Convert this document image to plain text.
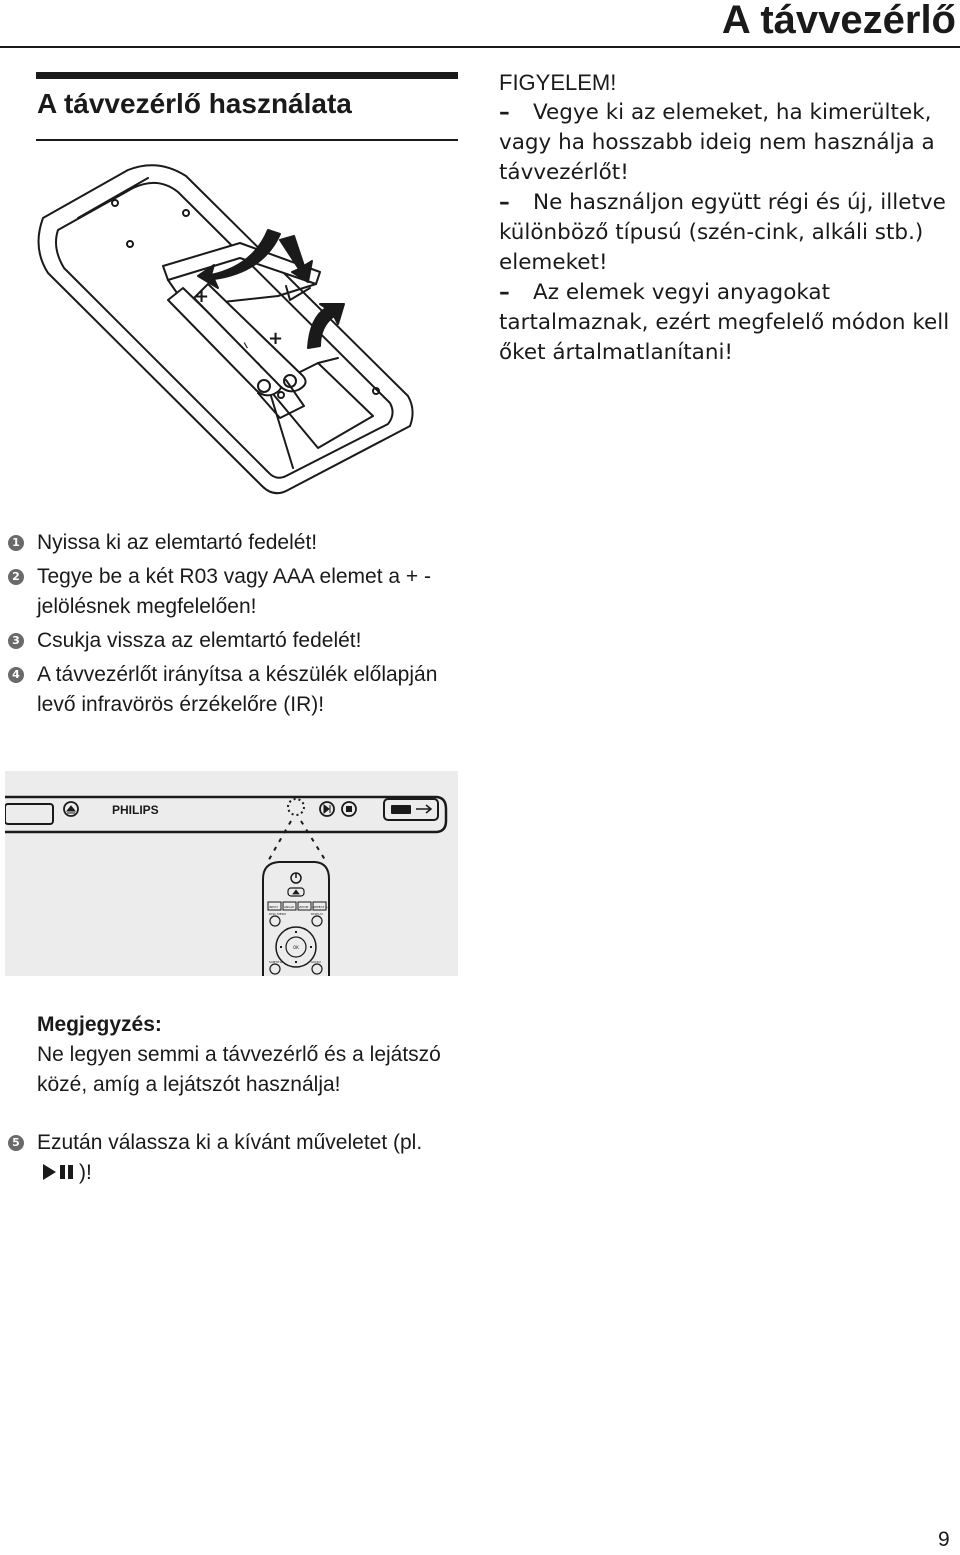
A távvezérlő
A távvezérlő használata
+
+
–
–

FIGYELEM!

– Vegye ki az elemeket, ha kimerültek, vagy ha hosszabb ideig nem használja a távvezérlőt!

– Ne használjon együtt régi és új, illetve különböző típusú (szén-cink, alkáli stb.) elemeket!

– Az elemek vegyi anyagokat tartalmaznak, ezért megfelelő módon kell őket ártalmatlanítani!

1 Nyissa ki az elemtartó fedelét!
2 Tegye be a két R03 vagy AAA elemet a + - jelölésnek megfelelően!
3 Csukja vissza az elemtartó fedelét!
4 A távvezérlőt irányítsa a készülék előlapján levő infravörös érzékelőre (IR)!
PHILIPS
INPUT ANGLE ZOOM REPEAT A-B
DISC MENU	DISPLAY
SUBTITLE	AUDIO
OK
Megjegyzés:
Ne legyen semmi a távvezérlő és a lejátszó közé, amíg a lejátszót használja!
5 Ezután válassza ki a kívánt műveletet (pl.)!
9
